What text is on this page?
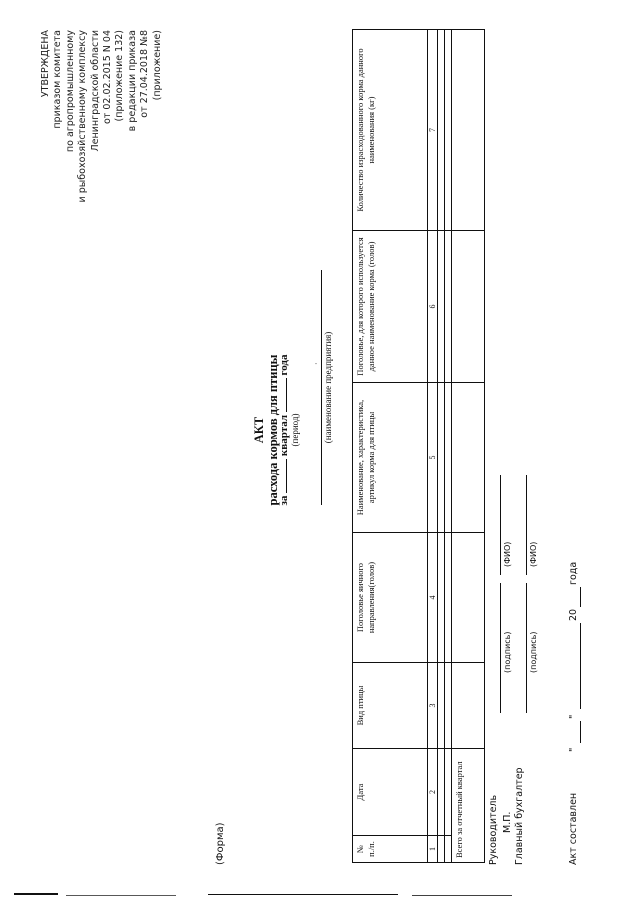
УТВЕРЖДЕНА приказом комитета по агропромышленному и рыбохозяйственному комплексу Ленинградской области от 02.02.2015 N 04 (приложение 132) в редакции приказа от 27.04.2018 №8 (приложение)
(Форма)
АКТ расхода кормов для птицы
за  квартал  года
(период)
· (наименование предприятия)
№ п./п.	Дата	Вид птицы	Поголовье яичного направления(голов)	Наименование, характеристика, артикул корма для птицы	Поголовье, для которого используется данное наименование корма (голов)	Количество израсходованного корма данного наименования (кг)
1	2	3	4	5	6	7

Всего за отчетный квартал							Руководитель М.П.
(подпись)
(ФИО)
Главный бухгалтер
(подпись)
(ФИО)
Акт составлен
"
"
20
года
